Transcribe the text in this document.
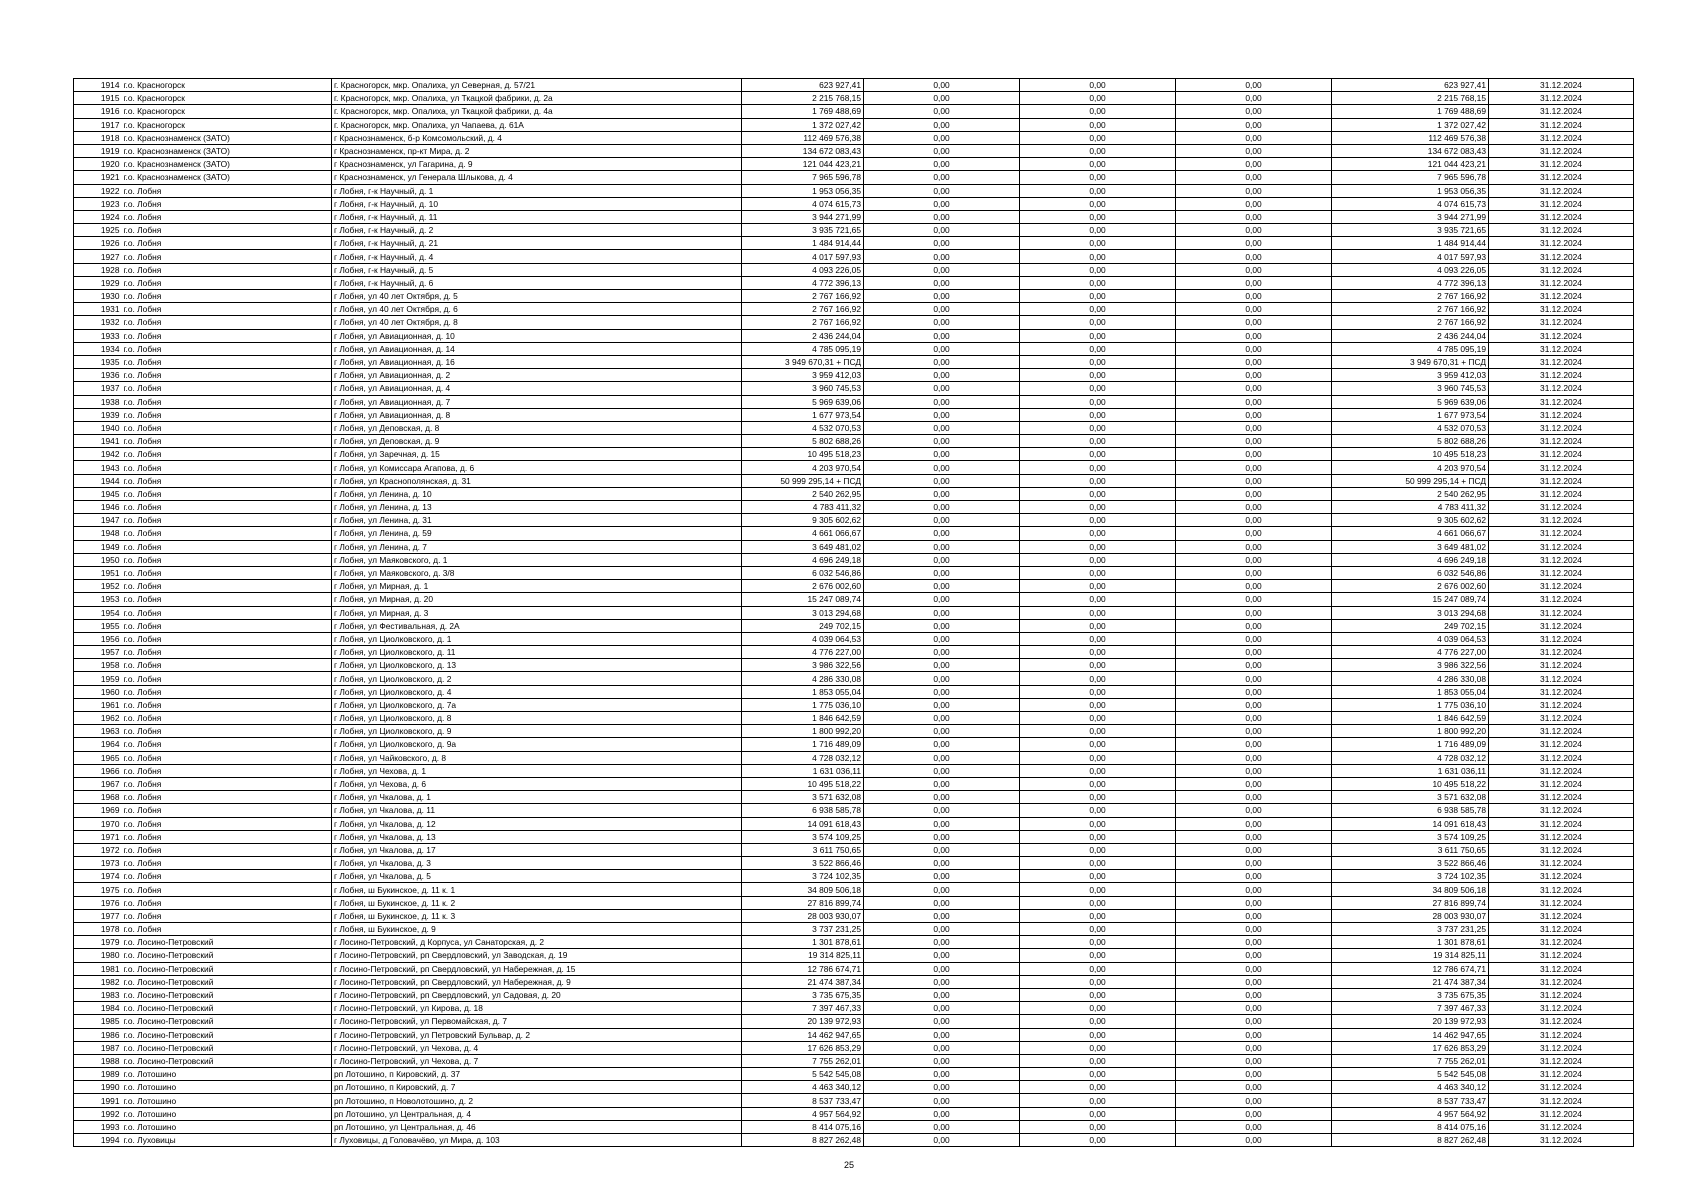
1914	г.о. Красногорск	г. Красногорск, мкр. Опалиха, ул Северная, д. 57/21	623 927,41	0,00	0,00	0,00	623 927,41	31.12.2024
1915	г.о. Красногорск	г. Красногорск, мкр. Опалиха, ул Ткацкой фабрики, д. 2а	2 215 768,15	0,00	0,00	0,00	2 215 768,15	31.12.2024
1916	г.о. Красногорск	г. Красногорск, мкр. Опалиха, ул Ткацкой фабрики, д. 4а	1 769 488,69	0,00	0,00	0,00	1 769 488,69	31.12.2024
1917	г.о. Красногорск	г. Красногорск, мкр. Опалиха, ул Чапаева, д. 61А	1 372 027,42	0,00	0,00	0,00	1 372 027,42	31.12.2024
1918	г.о. Краснознаменск (ЗАТО)	г Краснознаменск, б-р Комсомольский, д. 4	112 469 576,38	0,00	0,00	0,00	112 469 576,38	31.12.2024
1919	г.о. Краснознаменск (ЗАТО)	г Краснознаменск, пр-кт Мира, д. 2	134 672 083,43	0,00	0,00	0,00	134 672 083,43	31.12.2024
1920	г.о. Краснознаменск (ЗАТО)	г Краснознаменск, ул Гагарина, д. 9	121 044 423,21	0,00	0,00	0,00	121 044 423,21	31.12.2024
1921	г.о. Краснознаменск (ЗАТО)	г Краснознаменск, ул Генерала Шлыкова, д. 4	7 965 596,78	0,00	0,00	0,00	7 965 596,78	31.12.2024
1922	г.о. Лобня	г Лобня, г-к Научный, д. 1	1 953 056,35	0,00	0,00	0,00	1 953 056,35	31.12.2024
1923	г.о. Лобня	г Лобня, г-к Научный, д. 10	4 074 615,73	0,00	0,00	0,00	4 074 615,73	31.12.2024
1924	г.о. Лобня	г Лобня, г-к Научный, д. 11	3 944 271,99	0,00	0,00	0,00	3 944 271,99	31.12.2024
1925	г.о. Лобня	г Лобня, г-к Научный, д. 2	3 935 721,65	0,00	0,00	0,00	3 935 721,65	31.12.2024
1926	г.о. Лобня	г Лобня, г-к Научный, д. 21	1 484 914,44	0,00	0,00	0,00	1 484 914,44	31.12.2024
1927	г.о. Лобня	г Лобня, г-к Научный, д. 4	4 017 597,93	0,00	0,00	0,00	4 017 597,93	31.12.2024
1928	г.о. Лобня	г Лобня, г-к Научный, д. 5	4 093 226,05	0,00	0,00	0,00	4 093 226,05	31.12.2024
1929	г.о. Лобня	г Лобня, г-к Научный, д. 6	4 772 396,13	0,00	0,00	0,00	4 772 396,13	31.12.2024
1930	г.о. Лобня	г Лобня, ул 40 лет Октября, д. 5	2 767 166,92	0,00	0,00	0,00	2 767 166,92	31.12.2024
1931	г.о. Лобня	г Лобня, ул 40 лет Октября, д. 6	2 767 166,92	0,00	0,00	0,00	2 767 166,92	31.12.2024
1932	г.о. Лобня	г Лобня, ул 40 лет Октября, д. 8	2 767 166,92	0,00	0,00	0,00	2 767 166,92	31.12.2024
1933	г.о. Лобня	г Лобня, ул Авиационная, д. 10	2 436 244,04	0,00	0,00	0,00	2 436 244,04	31.12.2024
1934	г.о. Лобня	г Лобня, ул Авиационная, д. 14	4 785 095,19	0,00	0,00	0,00	4 785 095,19	31.12.2024
1935	г.о. Лобня	г Лобня, ул Авиационная, д. 16	3 949 670,31 + ПСД	0,00	0,00	0,00	3 949 670,31 + ПСД	31.12.2024
1936	г.о. Лобня	г Лобня, ул Авиационная, д. 2	3 959 412,03	0,00	0,00	0,00	3 959 412,03	31.12.2024
1937	г.о. Лобня	г Лобня, ул Авиационная, д. 4	3 960 745,53	0,00	0,00	0,00	3 960 745,53	31.12.2024
1938	г.о. Лобня	г Лобня, ул Авиационная, д. 7	5 969 639,06	0,00	0,00	0,00	5 969 639,06	31.12.2024
1939	г.о. Лобня	г Лобня, ул Авиационная, д. 8	1 677 973,54	0,00	0,00	0,00	1 677 973,54	31.12.2024
1940	г.о. Лобня	г Лобня, ул Деповская, д. 8	4 532 070,53	0,00	0,00	0,00	4 532 070,53	31.12.2024
1941	г.о. Лобня	г Лобня, ул Деповская, д. 9	5 802 688,26	0,00	0,00	0,00	5 802 688,26	31.12.2024
1942	г.о. Лобня	г Лобня, ул Заречная, д. 15	10 495 518,23	0,00	0,00	0,00	10 495 518,23	31.12.2024
1943	г.о. Лобня	г Лобня, ул Комиссара Агапова, д. 6	4 203 970,54	0,00	0,00	0,00	4 203 970,54	31.12.2024
1944	г.о. Лобня	г Лобня, ул Краснополянская, д. 31	50 999 295,14 + ПСД	0,00	0,00	0,00	50 999 295,14 + ПСД	31.12.2024
1945	г.о. Лобня	г Лобня, ул Ленина, д. 10	2 540 262,95	0,00	0,00	0,00	2 540 262,95	31.12.2024
1946	г.о. Лобня	г Лобня, ул Ленина, д. 13	4 783 411,32	0,00	0,00	0,00	4 783 411,32	31.12.2024
1947	г.о. Лобня	г Лобня, ул Ленина, д. 31	9 305 602,62	0,00	0,00	0,00	9 305 602,62	31.12.2024
1948	г.о. Лобня	г Лобня, ул Ленина, д. 59	4 661 066,67	0,00	0,00	0,00	4 661 066,67	31.12.2024
1949	г.о. Лобня	г Лобня, ул Ленина, д. 7	3 649 481,02	0,00	0,00	0,00	3 649 481,02	31.12.2024
1950	г.о. Лобня	г Лобня, ул Маяковского, д. 1	4 696 249,18	0,00	0,00	0,00	4 696 249,18	31.12.2024
1951	г.о. Лобня	г Лобня, ул Маяковского, д. 3/8	6 032 546,86	0,00	0,00	0,00	6 032 546,86	31.12.2024
1952	г.о. Лобня	г Лобня, ул Мирная, д. 1	2 676 002,60	0,00	0,00	0,00	2 676 002,60	31.12.2024
1953	г.о. Лобня	г Лобня, ул Мирная, д. 20	15 247 089,74	0,00	0,00	0,00	15 247 089,74	31.12.2024
1954	г.о. Лобня	г Лобня, ул Мирная, д. 3	3 013 294,68	0,00	0,00	0,00	3 013 294,68	31.12.2024
1955	г.о. Лобня	г Лобня, ул Фестивальная, д. 2А	249 702,15	0,00	0,00	0,00	249 702,15	31.12.2024
1956	г.о. Лобня	г Лобня, ул Циолковского, д. 1	4 039 064,53	0,00	0,00	0,00	4 039 064,53	31.12.2024
1957	г.о. Лобня	г Лобня, ул Циолковского, д. 11	4 776 227,00	0,00	0,00	0,00	4 776 227,00	31.12.2024
1958	г.о. Лобня	г Лобня, ул Циолковского, д. 13	3 986 322,56	0,00	0,00	0,00	3 986 322,56	31.12.2024
1959	г.о. Лобня	г Лобня, ул Циолковского, д. 2	4 286 330,08	0,00	0,00	0,00	4 286 330,08	31.12.2024
1960	г.о. Лобня	г Лобня, ул Циолковского, д. 4	1 853 055,04	0,00	0,00	0,00	1 853 055,04	31.12.2024
1961	г.о. Лобня	г Лобня, ул Циолковского, д. 7а	1 775 036,10	0,00	0,00	0,00	1 775 036,10	31.12.2024
1962	г.о. Лобня	г Лобня, ул Циолковского, д. 8	1 846 642,59	0,00	0,00	0,00	1 846 642,59	31.12.2024
1963	г.о. Лобня	г Лобня, ул Циолковского, д. 9	1 800 992,20	0,00	0,00	0,00	1 800 992,20	31.12.2024
1964	г.о. Лобня	г Лобня, ул Циолковского, д. 9а	1 716 489,09	0,00	0,00	0,00	1 716 489,09	31.12.2024
1965	г.о. Лобня	г Лобня, ул Чайковского, д. 8	4 728 032,12	0,00	0,00	0,00	4 728 032,12	31.12.2024
1966	г.о. Лобня	г Лобня, ул Чехова, д. 1	1 631 036,11	0,00	0,00	0,00	1 631 036,11	31.12.2024
1967	г.о. Лобня	г Лобня, ул Чехова, д. 6	10 495 518,22	0,00	0,00	0,00	10 495 518,22	31.12.2024
1968	г.о. Лобня	г Лобня, ул Чкалова, д. 1	3 571 632,08	0,00	0,00	0,00	3 571 632,08	31.12.2024
1969	г.о. Лобня	г Лобня, ул Чкалова, д. 11	6 938 585,78	0,00	0,00	0,00	6 938 585,78	31.12.2024
1970	г.о. Лобня	г Лобня, ул Чкалова, д. 12	14 091 618,43	0,00	0,00	0,00	14 091 618,43	31.12.2024
1971	г.о. Лобня	г Лобня, ул Чкалова, д. 13	3 574 109,25	0,00	0,00	0,00	3 574 109,25	31.12.2024
1972	г.о. Лобня	г Лобня, ул Чкалова, д. 17	3 611 750,65	0,00	0,00	0,00	3 611 750,65	31.12.2024
1973	г.о. Лобня	г Лобня, ул Чкалова, д. 3	3 522 866,46	0,00	0,00	0,00	3 522 866,46	31.12.2024
1974	г.о. Лобня	г Лобня, ул Чкалова, д. 5	3 724 102,35	0,00	0,00	0,00	3 724 102,35	31.12.2024
1975	г.о. Лобня	г Лобня, ш Букинское, д. 11 к. 1	34 809 506,18	0,00	0,00	0,00	34 809 506,18	31.12.2024
1976	г.о. Лобня	г Лобня, ш Букинское, д. 11 к. 2	27 816 899,74	0,00	0,00	0,00	27 816 899,74	31.12.2024
1977	г.о. Лобня	г Лобня, ш Букинское, д. 11 к. 3	28 003 930,07	0,00	0,00	0,00	28 003 930,07	31.12.2024
1978	г.о. Лобня	г Лобня, ш Букинское, д. 9	3 737 231,25	0,00	0,00	0,00	3 737 231,25	31.12.2024
1979	г.о. Лосино-Петровский	г Лосино-Петровский, д Корпуса, ул Санаторская, д. 2	1 301 878,61	0,00	0,00	0,00	1 301 878,61	31.12.2024
1980	г.о. Лосино-Петровский	г Лосино-Петровский, рп Свердловский, ул Заводская, д. 19	19 314 825,11	0,00	0,00	0,00	19 314 825,11	31.12.2024
1981	г.о. Лосино-Петровский	г Лосино-Петровский, рп Свердловский, ул Набережная, д. 15	12 786 674,71	0,00	0,00	0,00	12 786 674,71	31.12.2024
1982	г.о. Лосино-Петровский	г Лосино-Петровский, рп Свердловский, ул Набережная, д. 9	21 474 387,34	0,00	0,00	0,00	21 474 387,34	31.12.2024
1983	г.о. Лосино-Петровский	г Лосино-Петровский, рп Свердловский, ул Садовая, д. 20	3 735 675,35	0,00	0,00	0,00	3 735 675,35	31.12.2024
1984	г.о. Лосино-Петровский	г Лосино-Петровский, ул Кирова, д. 18	7 397 467,33	0,00	0,00	0,00	7 397 467,33	31.12.2024
1985	г.о. Лосино-Петровский	г Лосино-Петровский, ул Первомайская, д. 7	20 139 972,93	0,00	0,00	0,00	20 139 972,93	31.12.2024
1986	г.о. Лосино-Петровский	г Лосино-Петровский, ул Петровский Бульвар, д. 2	14 462 947,65	0,00	0,00	0,00	14 462 947,65	31.12.2024
1987	г.о. Лосино-Петровский	г Лосино-Петровский, ул Чехова, д. 4	17 626 853,29	0,00	0,00	0,00	17 626 853,29	31.12.2024
1988	г.о. Лосино-Петровский	г Лосино-Петровский, ул Чехова, д. 7	7 755 262,01	0,00	0,00	0,00	7 755 262,01	31.12.2024
1989	г.о. Лотошино	рп Лотошино, п Кировский, д. 37	5 542 545,08	0,00	0,00	0,00	5 542 545,08	31.12.2024
1990	г.о. Лотошино	рп Лотошино, п Кировский, д. 7	4 463 340,12	0,00	0,00	0,00	4 463 340,12	31.12.2024
1991	г.о. Лотошино	рп Лотошино, п Новолотошино, д. 2	8 537 733,47	0,00	0,00	0,00	8 537 733,47	31.12.2024
1992	г.о. Лотошино	рп Лотошино, ул Центральная, д. 4	4 957 564,92	0,00	0,00	0,00	4 957 564,92	31.12.2024
1993	г.о. Лотошино	рп Лотошино, ул Центральная, д. 46	8 414 075,16	0,00	0,00	0,00	8 414 075,16	31.12.2024
1994	г.о. Луховицы	г Луховицы, д Головачёво, ул Мира, д. 103	8 827 262,48	0,00	0,00	0,00	8 827 262,48	31.12.2024
25
